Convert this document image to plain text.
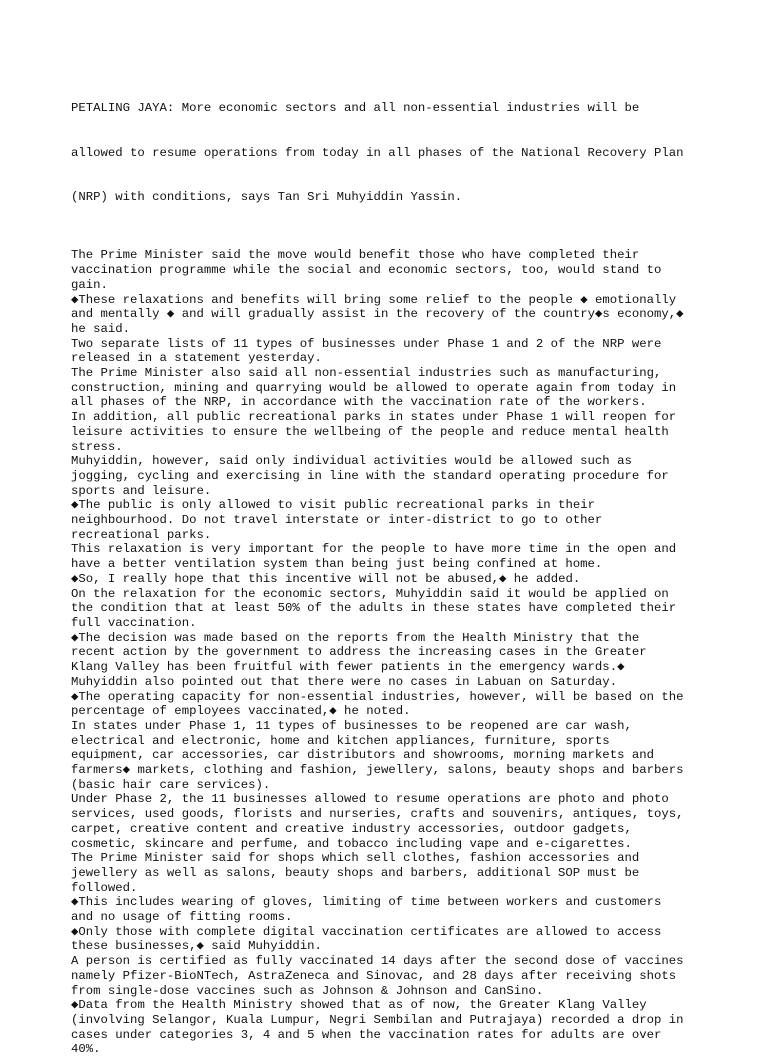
PETALING JAYA: More economic sectors and all non-essential industries will be

allowed to resume operations from today in all phases of the National Recovery Plan

(NRP) with conditions, says Tan Sri Muhyiddin Yassin.

The Prime Minister said the move would benefit those who have completed their
vaccination programme while the social and economic sectors, too, would stand to
gain.
◆These relaxations and benefits will bring some relief to the people ◆ emotionally
and mentally ◆ and will gradually assist in the recovery of the country◆s economy,◆
he said.
Two separate lists of 11 types of businesses under Phase 1 and 2 of the NRP were
released in a statement yesterday.
The Prime Minister also said all non-essential industries such as manufacturing,
construction, mining and quarrying would be allowed to operate again from today in
all phases of the NRP, in accordance with the vaccination rate of the workers.
In addition, all public recreational parks in states under Phase 1 will reopen for
leisure activities to ensure the wellbeing of the people and reduce mental health
stress.
Muhyiddin, however, said only individual activities would be allowed such as
jogging, cycling and exercising in line with the standard operating procedure for
sports and leisure.
◆The public is only allowed to visit public recreational parks in their
neighbourhood. Do not travel interstate or inter-district to go to other
recreational parks.
This relaxation is very important for the people to have more time in the open and
have a better ventilation system than being just being confined at home.
◆So, I really hope that this incentive will not be abused,◆ he added.
On the relaxation for the economic sectors, Muhyiddin said it would be applied on
the condition that at least 50% of the adults in these states have completed their
full vaccination.
◆The decision was made based on the reports from the Health Ministry that the
recent action by the government to address the increasing cases in the Greater
Klang Valley has been fruitful with fewer patients in the emergency wards.◆
Muhyiddin also pointed out that there were no cases in Labuan on Saturday.
◆The operating capacity for non-essential industries, however, will be based on the
percentage of employees vaccinated,◆ he noted.
In states under Phase 1, 11 types of businesses to be reopened are car wash,
electrical and electronic, home and kitchen appliances, furniture, sports
equipment, car accessories, car distributors and showrooms, morning markets and
farmers◆ markets, clothing and fashion, jewellery, salons, beauty shops and barbers
(basic hair care services).
Under Phase 2, the 11 businesses allowed to resume operations are photo and photo
services, used goods, florists and nurseries, crafts and souvenirs, antiques, toys,
carpet, creative content and creative industry accessories, outdoor gadgets,
cosmetic, skincare and perfume, and tobacco including vape and e-cigarettes.
The Prime Minister said for shops which sell clothes, fashion accessories and
jewellery as well as salons, beauty shops and barbers, additional SOP must be
followed.
◆This includes wearing of gloves, limiting of time between workers and customers
and no usage of fitting rooms.
◆Only those with complete digital vaccination certificates are allowed to access
these businesses,◆ said Muhyiddin.
A person is certified as fully vaccinated 14 days after the second dose of vaccines
namely Pfizer-BioNTech, AstraZeneca and Sinovac, and 28 days after receiving shots
from single-dose vaccines such as Johnson & Johnson and CanSino.
◆Data from the Health Ministry showed that as of now, the Greater Klang Valley
(involving Selangor, Kuala Lumpur, Negri Sembilan and Putrajaya) recorded a drop in
cases under categories 3, 4 and 5 when the vaccination rates for adults are over
40%.
